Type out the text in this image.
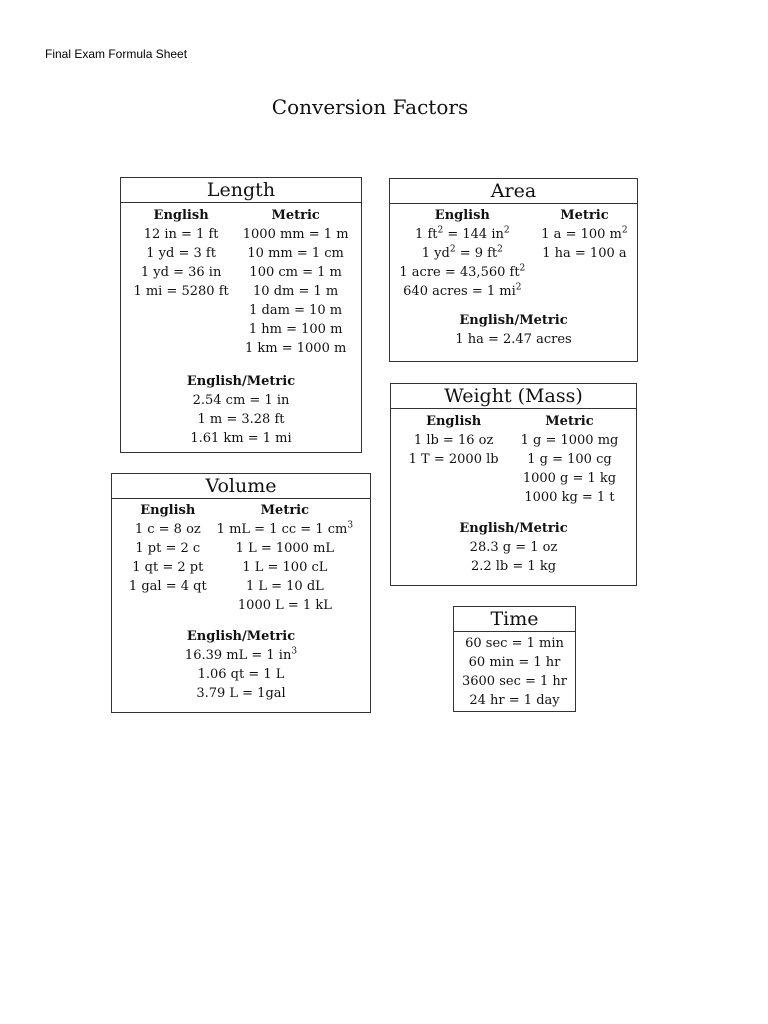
Final Exam Formula Sheet
Conversion Factors
Length
English
12 in = 1 ft
1 yd = 3 ft
1 yd = 36 in
1 mi = 5280 ft
Metric
1000 mm = 1 m
10 mm = 1 cm
100 cm = 1 m
10 dm = 1 m
1 dam = 10 m
1 hm = 100 m
1 km = 1000 m
English/Metric
2.54 cm = 1 in
1 m = 3.28 ft
1.61 km = 1 mi
Area
English
1 $ft^2 = 144$ $in^2$
1 $yd^2 = 9$ $ft^2$
1 acre = 43,560 $ft^2$
640 acres = 1 $mi^2$
Metric
1 a = 100 $m^2$
1 ha = 100 a
English/Metric
1 ha = 2.47 acres
Weight (Mass)
English
1 lb = 16 oz
1 T = 2000 lb
Metric
1 g = 1000 mg
1 g = 100 cg
1000 g = 1 kg
1000 kg = 1 t
English/Metric
28.3 g = 1 oz
2.2 lb = 1 kg
Volume
English
1 c = 8 oz
1 pt = 2 c
1 qt = 2 pt
1 gal = 4 qt
Metric
1 mL = 1 cc = 1 $cm^3$
1 L = 1000 mL
1 L = 100 cL
1 L = 10 dL
1000 L = 1 kL
English/Metric
16.39 mL = 1 $in^3$
1.06 qt = 1 L
3.79 L = 1gal
Time
60 sec = 1 min
60 min = 1 hr
3600 sec = 1 hr
24 hr = 1 day
